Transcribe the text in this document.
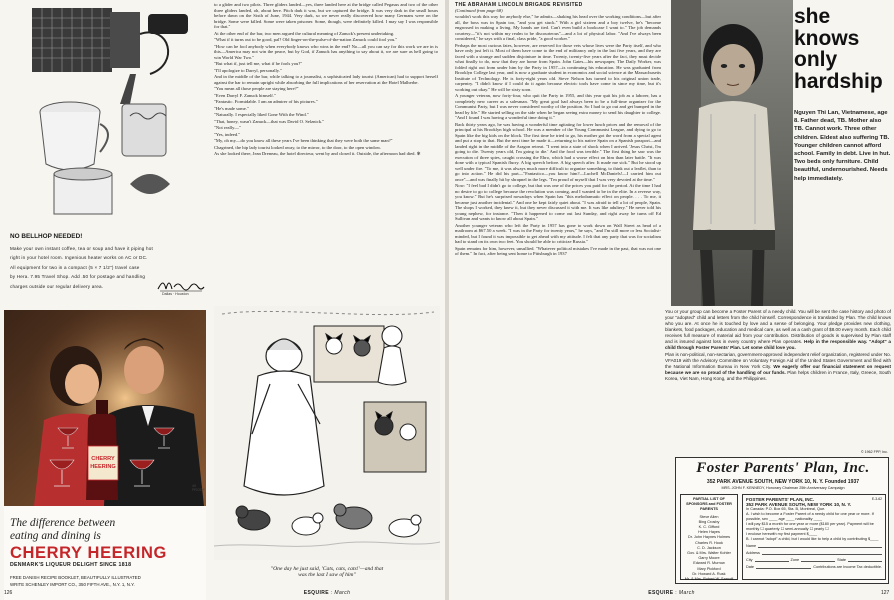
NO BELLHOP NEEDED!
Make your own instant coffee, tea or soup and have it piping hot
right in your hotel room. Ingenious heater works on AC or DC.
All equipment for two in a compact (5 × 7 1/2") travel case
by Hera. 7.95 Travel Shop. Add .50 for postage and handling
charges outside our regular delivery area.
Dallas · Houston
CHERRY
HEERING
49 PROOF
The difference between
eating and dining is
CHERRY HEERING
DENMARK'S LIQUEUR DELIGHT SINCE 1818
FREE DANISH RECIPE BOOKLET, BEAUTIFULLY ILLUSTRATED
WRITE SCHENLEY IMPORT CO., 350 FIFTH AVE., N.Y. 1, N.Y.

to a glider and two pilots. Three gliders landed—yes, three landed here at the bridge called Pegasus and two of the other three gliders landed, oh, about here. Pitch dark it was, but we captured the bridge. It was very dark in the small hours before dawn on the Sixth of June, 1944. Very dark, so we never really discovered how many Germans were on the bridge. Some were killed. Some were taken prisoner. Some, though, were definitely killed. I may say I was responsible for that."

At the other end of the bar, two men argued the cultural meaning of Zanuck's present undertaking.

"What if it turns out to be good, pal? Old finger-on-the-pulse-of-the-nation Zanuck could fool you."

"How can he fool anybody when everybody knows who wins in the end? No—all you can say for this work we are in is this—America may not win the peace, but by God, if Zanuck has anything to say about it, we are sure as hell going to win World War Two."

"But what if, just tell me, what if he fools you?"

"I'll apologize to Darryl, personally."

And in the middle of the bar, while talking to a journalist, a sophisticated lady tourist (American) had to support herself against the bar to remain upright while absorbing the full implications of her reservation at the Hotel Malherbe.

"You mean all those people are staying here?"

"Even Darryl F. Zanuck himself."

"Fantastic. Formidable. I am an admirer of his pictures."

"He's made some."

"Naturally. I especially liked Gone With the Wind."

"That, honey, wasn't Zanuck—that was David O. Selznick."

"Not really—"

"Yes, indeed."

"My, oh my—do you know all these years I've been thinking that they were both the same man?"

Chagrined, the hip lady tourist looked away, to the mirror, to the door, to the open window.

As she looked there, Jean Dreneau, the hotel directeur, went by and closed it. Outside, the afternoon had died. ✻

"One day he just said, 'Cats, cats, cats!'—and that
was the last I saw of him"
126	ESQUIRE : March
THE ABRAHAM LINCOLN BRIGADE REVISITED
(Continued from page 68)

wouldn't work this way for anybody else," he admits—shaking his head over the working conditions—but after all, the boss was in Spain too, "and you get stuck." With a girl sixteen and a boy twelve, he's "become engrossed in making a living. My hands are tied. Can't even build a bookcase I want to." The job demands courtesy—"it's not within my realm to be discourteous"—and a lot of physical labor. "And I've always been considered," he says with a final, class pride, "a good worker."

Perhaps the most curious fates, however, are reserved for those vets whose lives were the Party itself, and who have only just left it. Most of them have come to the end of militancy only in the last five years, and they are faced with a strange and sudden disjointure in time. Twenty, twenty-five years after the fact, they must decide what finally to do, now that they are home from Spain. John Gates—his newspaper, The Daily Worker, was folded right out from under him by the Party in 1957—is continuing his education. He was graduated from Brooklyn College last year, and is now a graduate student in economics and social science at the Massachusetts Institute of Technology. He is forty-eight years old. Steve Nelson has turned to his original union trade, carpentry. "I didn't know if I could do it again because electric tools have come in since my time, but it's working out okay." He will be sixty soon.

A younger veteran, now forty-four, who quit the Party in 1955, and this year quit his job as a laborer, has a completely new career as a salesman. "My great goal had always been to be a full-time organizer for the Communist Party, but I was never considered worthy of the position. So I had to go out and get bumped in the head by life." He started selling on the side when he began seeing extra money to send his daughter to college. "And I found I was having a wonderful time doing it."

Back thirty years ago, he was having a wonderful time agitating for lower lunch prices and the removal of the principal at his Brooklyn high school. He was a member of the Young Communist League, and dying to go to Spain like the big kids on the block. The first time he tried to go, his mother got the word from a special agent and put a stop to that. But the next time he made it—returning to his native Spain on a Spanish passport—and landed right in the middle of the Aragon retreat. "I went into a state of shock when I arrived. 'Jesus Christ, I'm going to die. Twenty years old, I'm going to die.' And the food was terrible." The first thing he saw was the execution of three spies, caught crossing the Ebro, which had a worse effect on him than later battle. "It was done with a typical Spanish flurry. A big speech before. A big speech after. It made me sick." But he stood up well under fire. "To me, it was always much more difficult to organize something, to think out a leaflet, than to go into action." He did his part—"Fantastico—you know him?—Luchell McDaniels!—I carried him out once"—and was finally hit by shrapnel in the legs. "I'm proud of myself that I was very devoted at the time."

Now: "I feel bad I didn't go to college, but that was one of the prices you paid for the period. At the time I had no desire to go to college because the revolution was coming, and I wanted to be in the elite. In a reverse way, you know." But he's surprised nowadays when Spain has "this melodramatic effect on people. . . . To me, it became just another incidental." And one he kept fairly quiet about. "I was afraid to tell a lot of people, Spain. The shops I worked, they knew it, but they never discussed it with me. It was like adultery." He never told his young nephew, for instance. "Then it happened to come out last Sunday, and right away he turns off Ed Sullivan and wants to know all about Spain."

Another younger veteran who left the Party in 1957 has gone to work down on Wall Street as head of a mailroom at $67.50 a week. "I was in the Party for twenty years," he says, "and I'm still more or less Socialist-minded, but I found it was impossible to get ahead with my attitude. I felt that any party that was for socialism had to stand on its own two feet. You should be able to criticize Russia."

Spain remains for him, however, unsullied. "Whatever political mistakes I've made in the past, that was not one of them." In fact, after being sent home to Pittsburgh in 1937

she knows
only
hardship
Nguyen Thi Lan, Vietnamese, age 8. Father dead, TB. Mother also TB. Cannot work. Three other children. Eldest also suffering TB. Younger children cannot afford school. Family in debt. Live in hut. Two beds only furniture. Child beautiful, undernourished. Needs help immediately.

You or your group can become a Foster Parent of a needy child. You will be sent the case history and photo of your "adopted" child and letters from the child himself. Correspondence is translated by Plan. The child knows who you are. At once he is touched by love and a sense of belonging. Your pledge provides new clothing, blankets, food packages, education and medical care, as well as a cash grant of $8.00 every month. Each child receives full measure of material aid from your contribution. Distribution of goods is supervised by Plan staff and is insured against loss in every country where Plan operates. Help in the responsible way. "Adopt" a child through Foster Parents' Plan. Let some child love you.

Plan is non-political, non-sectarian, government-approved independent relief organization, registered under No. VFA019 with the Advisory Committee on Voluntary Foreign Aid of the United States Government and filed with the National Information Bureau in New York City. We eagerly offer our financial statement on request because we are so proud of the handling of our funds. Plan helps children in France, Italy, Greece, South Korea, Viet Nam, Hong Kong, and the Philippines.

© 1962 FPP, Inc.
Foster Parents' Plan, Inc.
352 PARK AVENUE SOUTH, NEW YORK 10, N. Y. Founded 1937
MRS. JOHN F. KENNEDY, Honorary Chairman 25th Anniversary Campaign
PARTIAL LIST OF SPONSORS and FOSTER PARENTS
Steve Allen
Bing Crosby
K. C. Gifford
Helen Hayes
Dr. John Haynes Holmes
Charles R. Hook
C. D. Jackson
Gov. & Mrs. Walter Kohler
Garry Moore
Edward R. Murrow
Mary Pickford
Dr. Howard A. Rusk
Mr. & Mrs. Robert W. Sarnoff
E-3-62
FOSTER PARENTS' PLAN, INC.
352 PARK AVENUE SOUTH, NEW YORK 10, N. Y.
In Canada: P.O. Box 65, Sta. B, Montreal, Que.
A. I wish to become a Foster Parent of a needy child for one year or more. If possible, sex ____ age ____ nationality ____
I will pay $15 a month for one year or more ($180 per year). Payment will be monthly ☐ quarterly ☐ semi-annually ☐ yearly ☐
I enclose herewith my first payment $____
B. I cannot "adopt" a child, but I would like to help a child by contributing $____
Name
Address
City	Zone	State
Date	Contributions are Income Tax deductible.
ESQUIRE : March	127
